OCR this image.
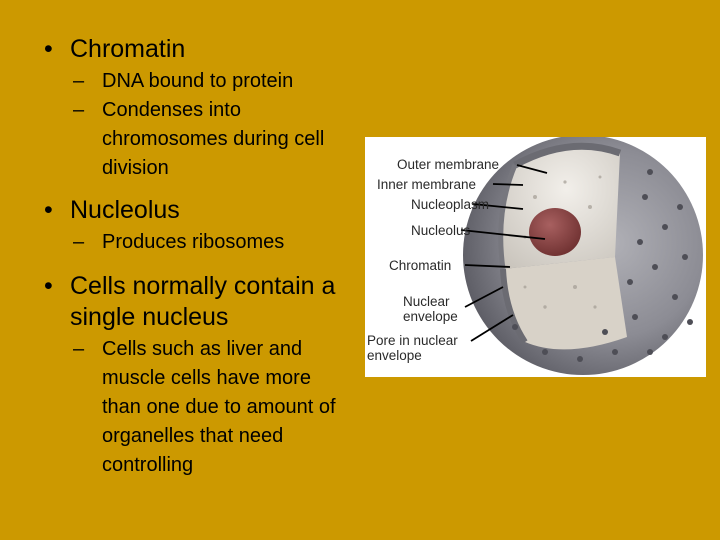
• Chromatin
– DNA bound to protein
– Condenses into chromosomes during cell division
• Nucleolus
– Produces ribosomes
• Cells normally contain a single nucleus
– Cells such as liver and muscle cells have more than one due to amount of organelles that need controlling
Outer membrane
Inner membrane
Nucleoplasm
Nucleolus
Chromatin
Nuclear
envelope
Pore in nuclear
envelope
